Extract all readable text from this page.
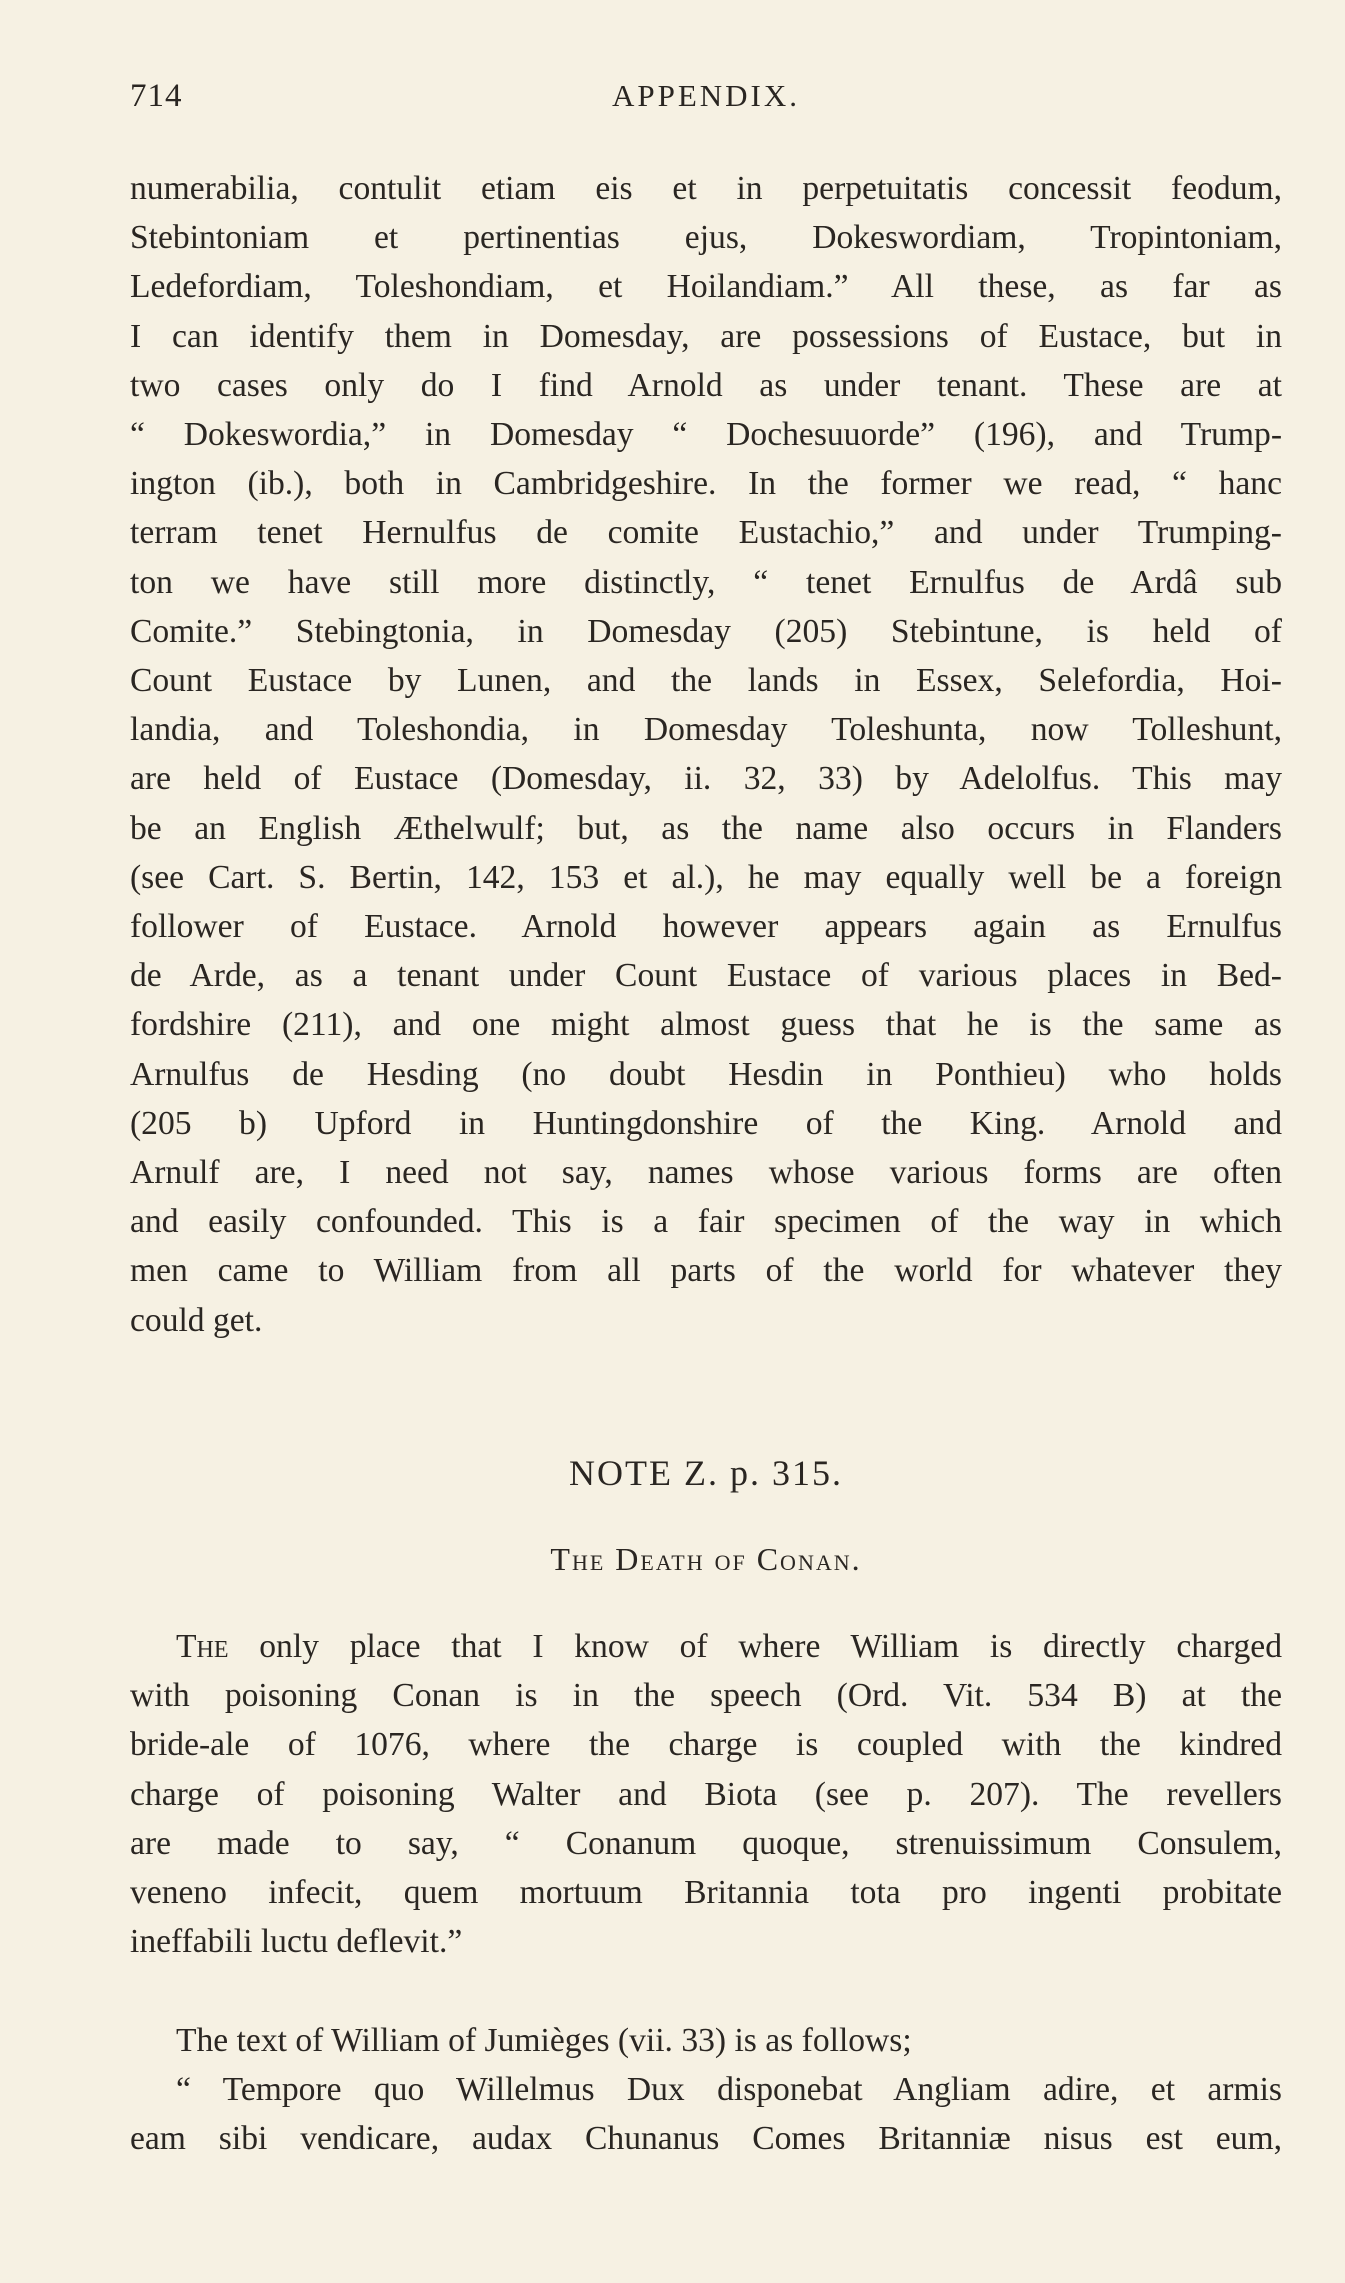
714	APPENDIX.
numerabilia, contulit etiam eis et in perpetuitatis concessit feodum,
Stebintoniam et pertinentias ejus, Dokeswordiam, Tropintoniam,
Ledefordiam, Toleshondiam, et Hoilandiam.” All these, as far as
I can identify them in Domesday, are possessions of Eustace, but in
two cases only do I find Arnold as under tenant. These are at
“ Dokeswordia,” in Domesday “ Dochesuuorde” (196), and Trump-
ington (ib.), both in Cambridgeshire. In the former we read, “ hanc
terram tenet Hernulfus de comite Eustachio,” and under Trumping-
ton we have still more distinctly, “ tenet Ernulfus de Ardâ sub
Comite.” Stebingtonia, in Domesday (205) Stebintune, is held of
Count Eustace by Lunen, and the lands in Essex, Selefordia, Hoi-
landia, and Toleshondia, in Domesday Toleshunta, now Tolleshunt,
are held of Eustace (Domesday, ii. 32, 33) by Adelolfus. This may
be an English Æthelwulf; but, as the name also occurs in Flanders
(see Cart. S. Bertin, 142, 153 et al.), he may equally well be a foreign
follower of Eustace. Arnold however appears again as Ernulfus
de Arde, as a tenant under Count Eustace of various places in Bed-
fordshire (211), and one might almost guess that he is the same as
Arnulfus de Hesding (no doubt Hesdin in Ponthieu) who holds
(205 b) Upford in Huntingdonshire of the King. Arnold and
Arnulf are, I need not say, names whose various forms are often
and easily confounded. This is a fair specimen of the way in which
men came to William from all parts of the world for whatever they
could get.
NOTE Z. p. 315.
The Death of Conan.
The only place that I know of where William is directly charged
with poisoning Conan is in the speech (Ord. Vit. 534 B) at the
bride-ale of 1076, where the charge is coupled with the kindred
charge of poisoning Walter and Biota (see p. 207). The revellers
are made to say, “ Conanum quoque, strenuissimum Consulem,
veneno infecit, quem mortuum Britannia tota pro ingenti probitate
ineffabili luctu deflevit.”
The text of William of Jumièges (vii. 33) is as follows;
“ Tempore quo Willelmus Dux disponebat Angliam adire, et armis
eam sibi vendicare, audax Chunanus Comes Britanniæ nisus est eum,
